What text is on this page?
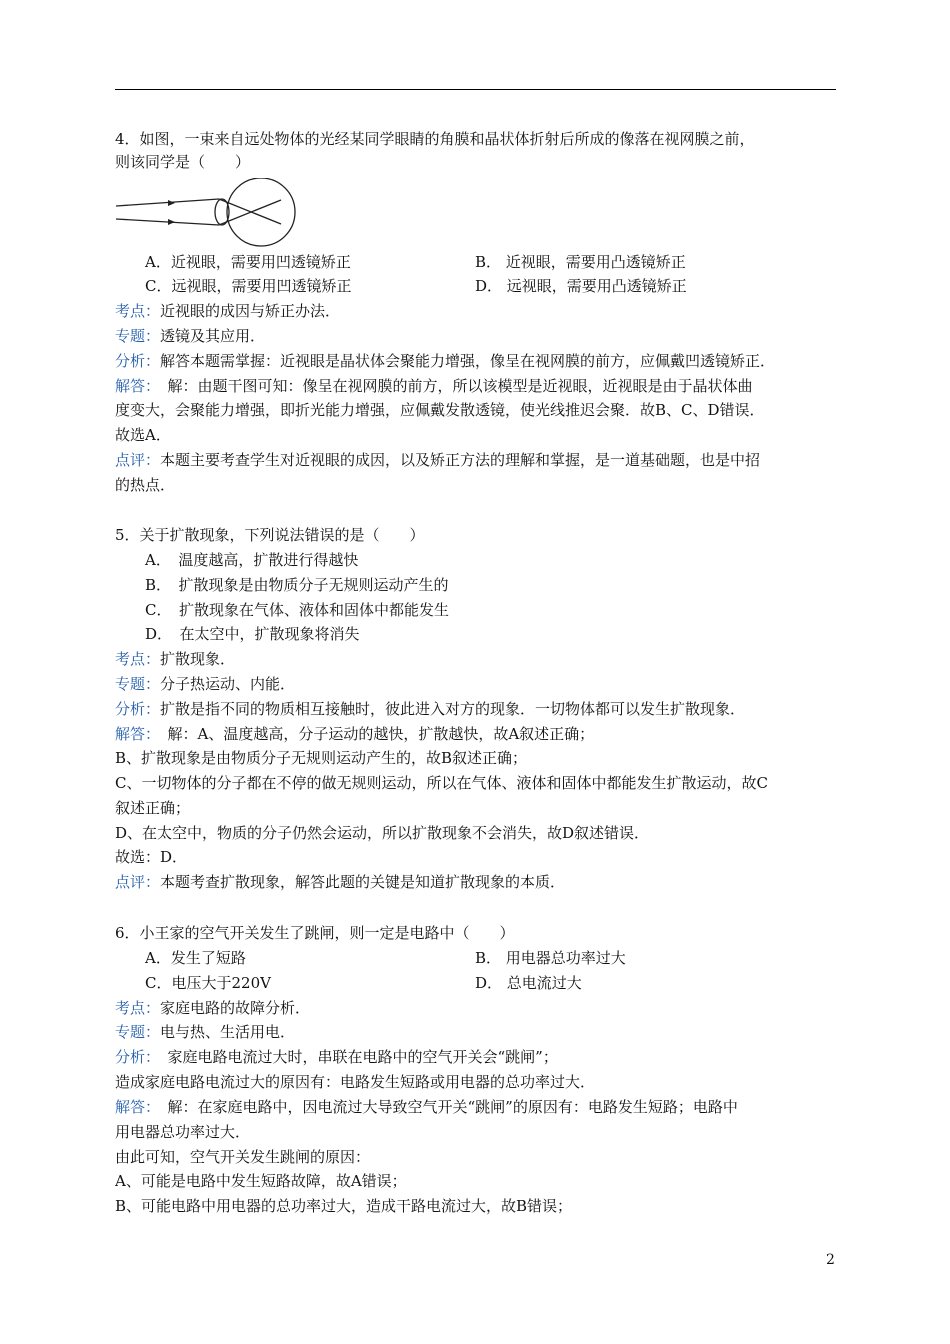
4．如图，一束来自远处物体的光经某同学眼睛的角膜和晶状体折射后所成的像落在视网膜之前，
则该同学是（　　）
A．近视眼，需要用凹透镜矫正	B． 近视眼，需要用凸透镜矫正
C．远视眼，需要用凹透镜矫正	D． 远视眼，需要用凸透镜矫正
考点：近视眼的成因与矫正办法．
专题：透镜及其应用．
分析：解答本题需掌握：近视眼是晶状体会聚能力增强，像呈在视网膜的前方，应佩戴凹透镜矫正．
解答：　解：由题干图可知：像呈在视网膜的前方，所以该模型是近视眼，近视眼是由于晶状体曲
度变大，会聚能力增强，即折光能力增强，应佩戴发散透镜，使光线推迟会聚．故B、C、D错误．
故选A．
点评：本题主要考查学生对近视眼的成因，以及矫正方法的理解和掌握，是一道基础题，也是中招
的热点．
5．关于扩散现象，下列说法错误的是（　　）
A．　温度越高，扩散进行得越快
B．　扩散现象是由物质分子无规则运动产生的
C．　扩散现象在气体、液体和固体中都能发生
D．　在太空中，扩散现象将消失
考点：扩散现象．
专题：分子热运动、内能．
分析：扩散是指不同的物质相互接触时，彼此进入对方的现象．一切物体都可以发生扩散现象．
解答：　解：A、温度越高，分子运动的越快，扩散越快，故A叙述正确；
B、扩散现象是由物质分子无规则运动产生的，故B叙述正确；
C、一切物体的分子都在不停的做无规则运动，所以在气体、液体和固体中都能发生扩散运动，故C
叙述正确；
D、在太空中，物质的分子仍然会运动，所以扩散现象不会消失，故D叙述错误．
故选：D．
点评：本题考查扩散现象，解答此题的关键是知道扩散现象的本质．
6．小王家的空气开关发生了跳闸，则一定是电路中（　　）
A．发生了短路	B． 用电器总功率过大
C．电压大于220V	D． 总电流过大
考点：家庭电路的故障分析．
专题：电与热、生活用电．
分析：　家庭电路电流过大时，串联在电路中的空气开关会“跳闸”；
造成家庭电路电流过大的原因有：电路发生短路或用电器的总功率过大．
解答：　解：在家庭电路中，因电流过大导致空气开关“跳闸”的原因有：电路发生短路；电路中
用电器总功率过大．
由此可知，空气开关发生跳闸的原因：
A、可能是电路中发生短路故障，故A错误；
B、可能电路中用电器的总功率过大，造成干路电流过大，故B错误；
2
